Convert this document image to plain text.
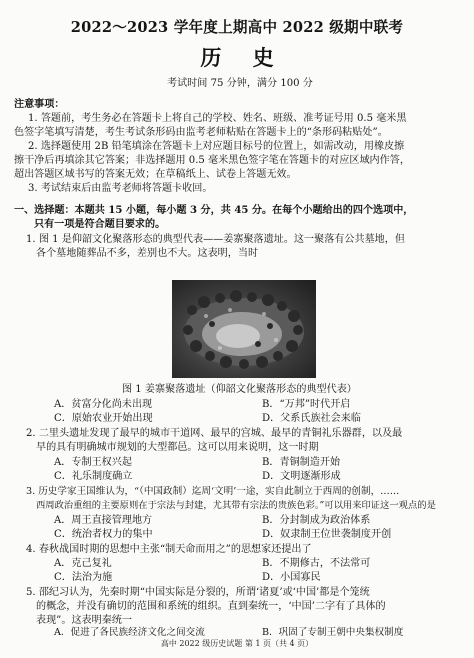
2022～2023 学年度上期高中 2022 级期中联考
历 史
考试时间 75 分钟，满分 100 分
注意事项：
1. 答题前，考生务必在答题卡上将自己的学校、姓名、班级、准考证号用 0.5 毫米黑
色签字笔填写清楚，考生考试条形码由监考老师粘贴在答题卡上的“条形码粘贴处”。
2. 选择题使用 2B 铅笔填涂在答题卡上对应题目标号的位置上，如需改动，用橡皮擦
擦干净后再填涂其它答案；非选择题用 0.5 毫米黑色签字笔在答题卡的对应区域内作答，
超出答题区域书写的答案无效；在草稿纸上、试卷上答题无效。
3. 考试结束后由监考老师将答题卡收回。
一、选择题：本题共 15 小题，每小题 3 分，共 45 分。在每个小题给出的四个选项中，
只有一项是符合题目要求的。
1. 图 1 是仰韶文化聚落形态的典型代表——姜寨聚落遗址。这一聚落有公共墓地，但
各个墓地随葬品不多，差别也不大。这表明，当时
图 1 姜寨聚落遗址（仰韶文化聚落形态的典型代表）
A．贫富分化尚未出现	B．“万邦”时代开启
C．原始农业开始出现	D．父系氏族社会来临
2. 二里头遗址发现了最早的城市干道网、最早的宫城、最早的青铜礼乐器群，以及最
早的具有明确城市规划的大型都邑。这可以用来说明，这一时期
A．专制王权兴起	B．青铜制造开始
C．礼乐制度确立	D．文明逐渐形成
3. 历史学家王国维认为，“（中国政制）迄周‘文明’一途，实自此制立于西周的创制，……
西周政治重组的主要原则在于宗法与封建，尤其带有宗法的贵族色彩。”可以用来印证这一观点的是
A．周王直接管理地方	B．分封制成为政治体系
C．统治者权力的集中	D．奴隶制王位世袭制度开创
4. 春秋战国时期的思想中主张“制天命而用之”的思想家还提出了
A．克己复礼	B．不期修古，不法常可
C．法治为施	D．小国寡民
5. 邵纪习认为，先秦时期“中国实际是分裂的，所谓‘诸夏’或‘中国’都是个笼统
的概念，并没有确切的范围和系统的组织。直到秦统一，‘中国’二字有了具体的
表现”。这表明秦统一
A．促进了各民族经济文化之间交流	B．巩固了专制王朝中央集权制度
高中 2022 级历史试题 第 1 页（共 4 页）
